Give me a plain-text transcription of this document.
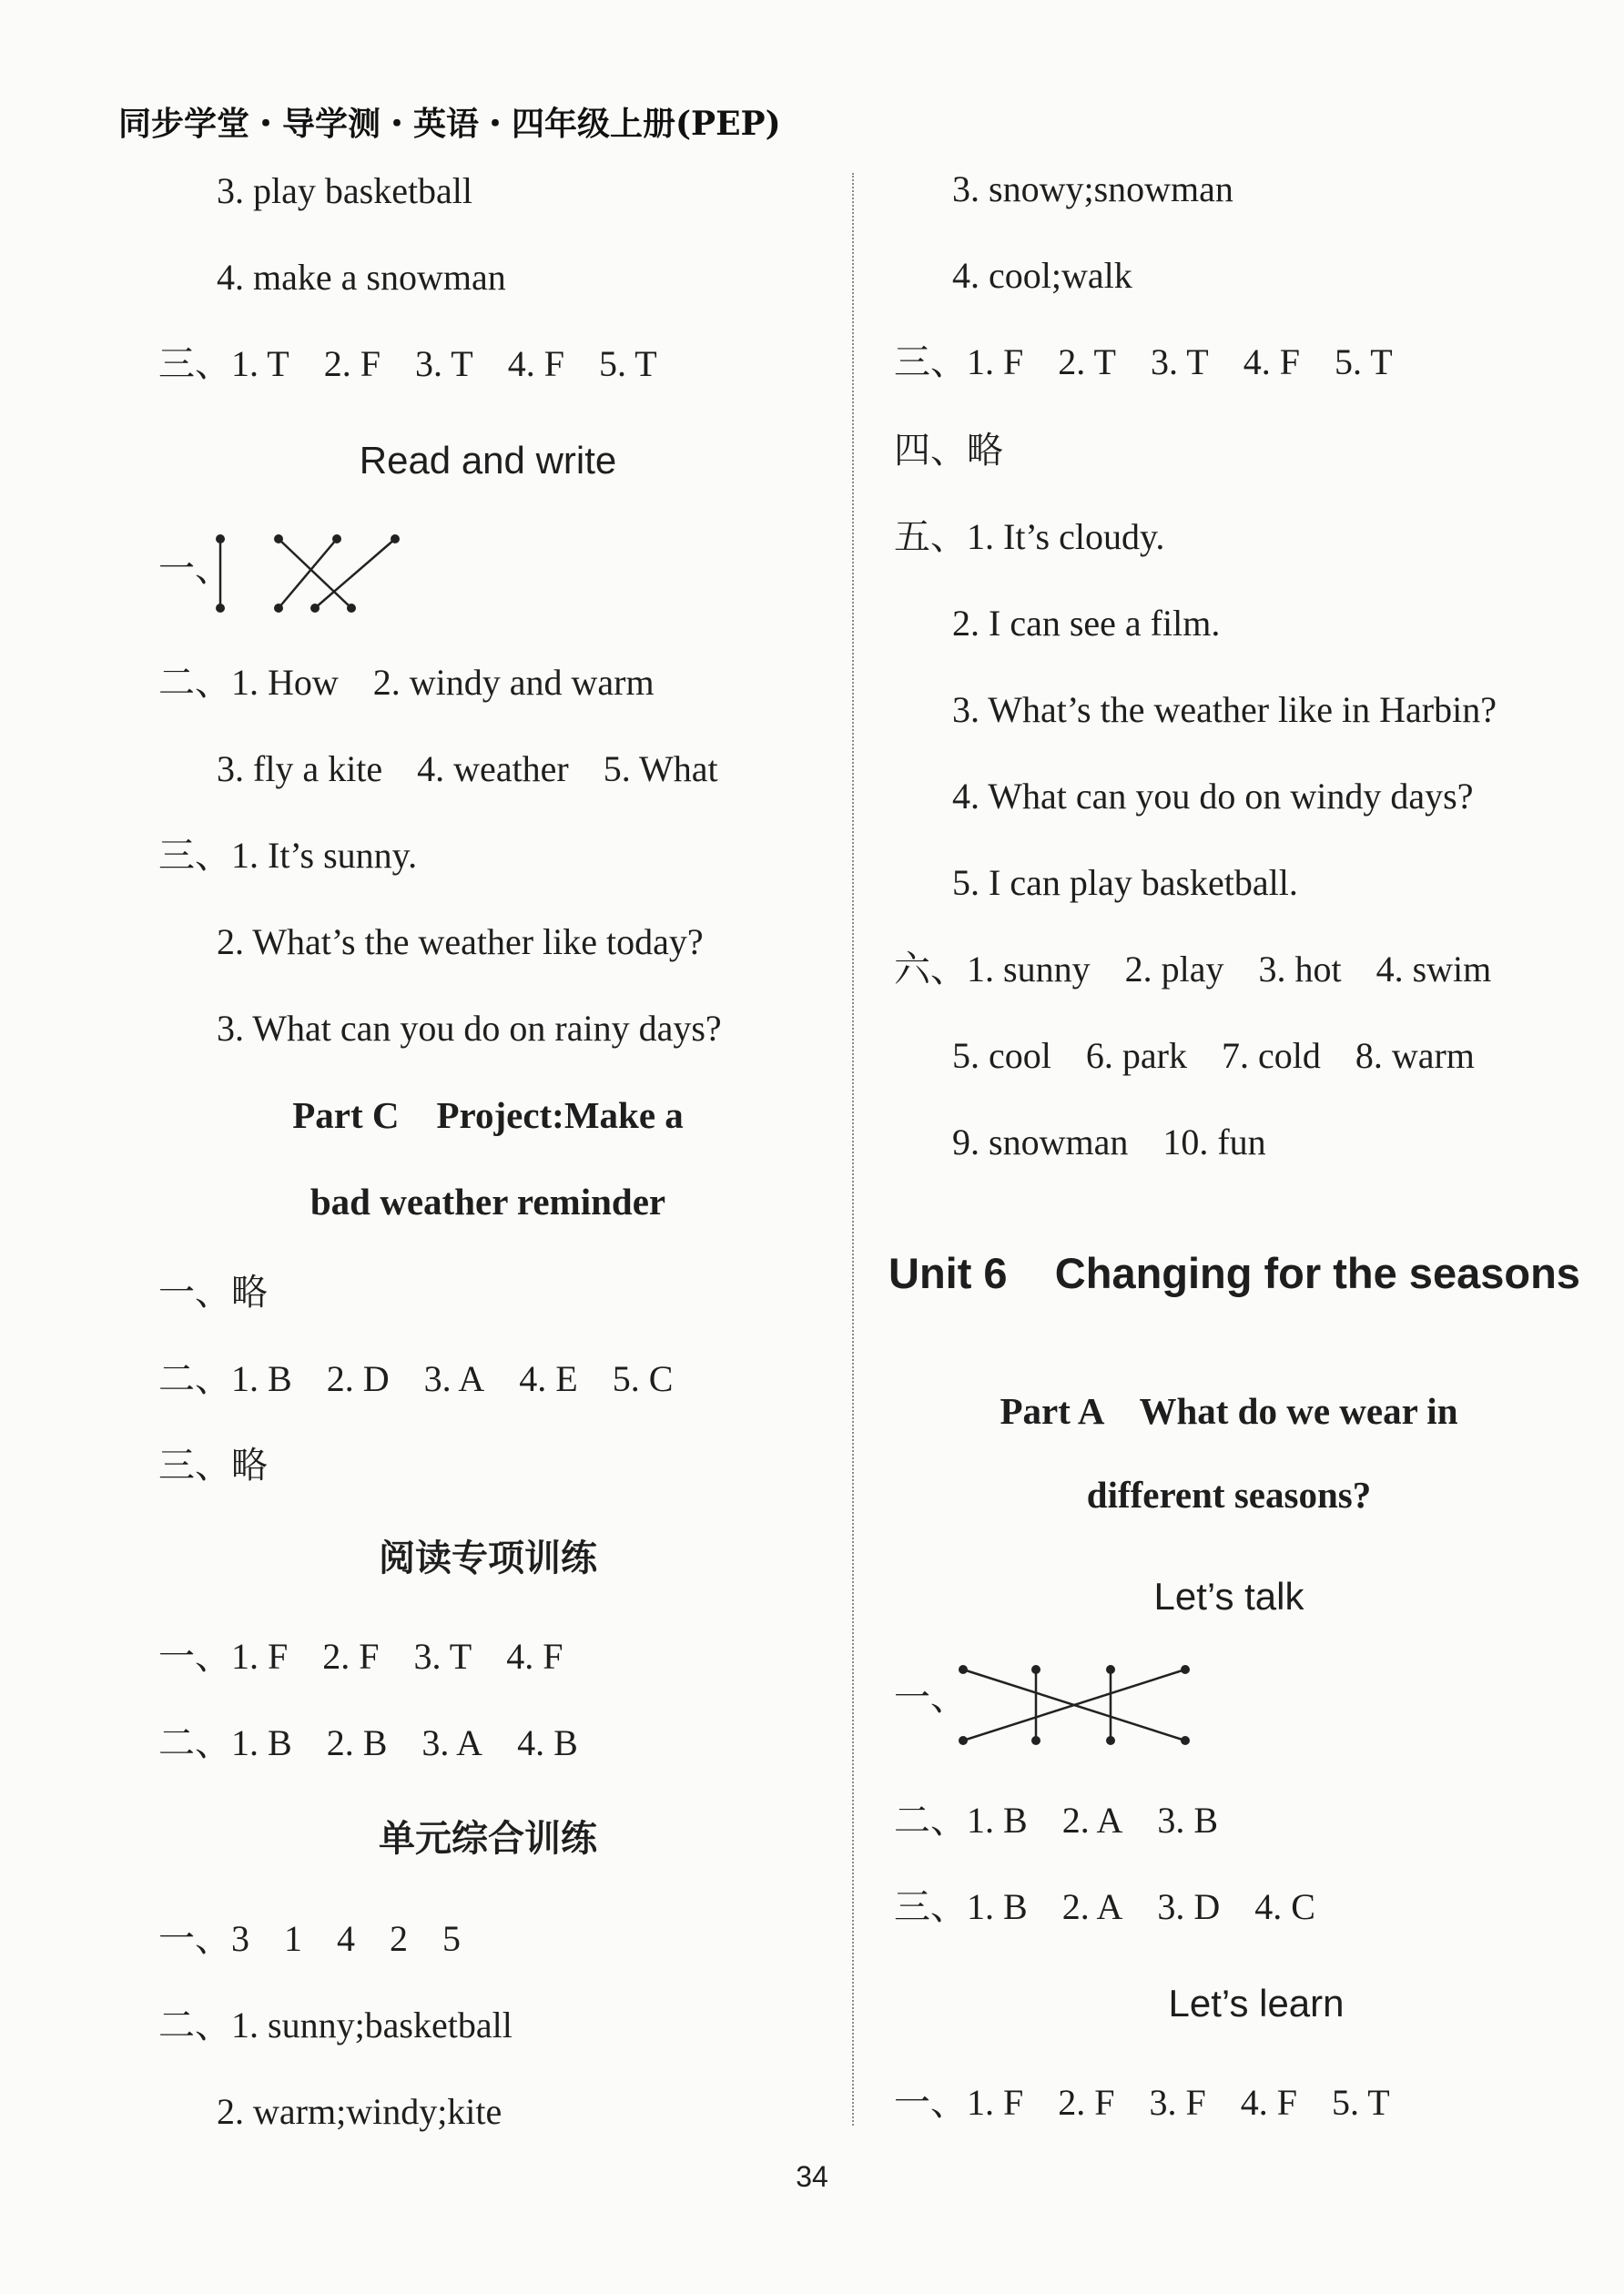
同步学堂・导学测・英语・四年级上册(PEP)
3. play basketball
4. make a snowman
三、1. T 2. F 3. T 4. F 5. T
Read and write
一、
二、1. How 2. windy and warm
3. fly a kite 4. weather 5. What
三、1. It’s sunny.
2. What’s the weather like today?
3. What can you do on rainy days?
Part C    Project:Make a
bad weather reminder
一、略
二、1. B 2. D 3. A 4. E 5. C
三、略
阅读专项训练
一、1. F 2. F 3. T 4. F
二、1. B 2. B 3. A 4. B
单元综合训练
一、3 1 4 2 5
二、1. sunny;basketball
2. warm;windy;kite
3. snowy;snowman
4. cool;walk
三、1. F 2. T 3. T 4. F 5. T
四、略
五、1. It’s cloudy.
2. I can see a film.
3. What’s the weather like in Harbin?
4. What can you do on windy days?
5. I can play basketball.
六、1. sunny 2. play 3. hot 4. swim
5. cool 6. park 7. cold 8. warm
9. snowman 10. fun
Unit 6    Changing for the seasons
Part A    What do we wear in
different seasons?
Let’s talk
一、
二、1. B 2. A 3. B
三、1. B 2. A 3. D 4. C
Let’s learn
一、1. F 2. F 3. F 4. F 5. T
34
